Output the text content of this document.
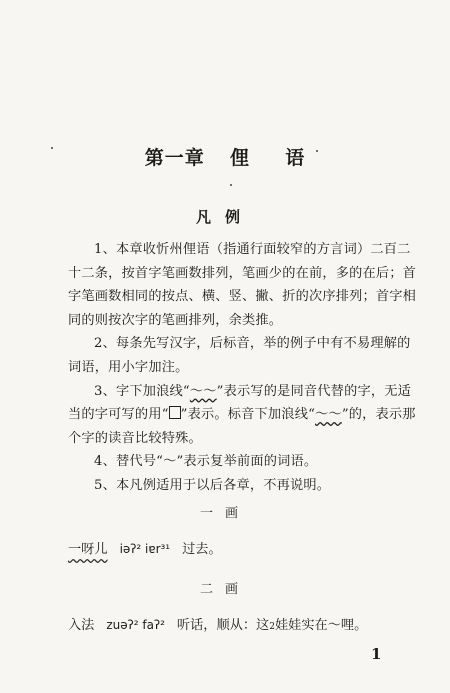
第一章 俚 语
凡例

1、本章收忻州俚语（指通行面较窄的方言词）二百二十二条，按首字笔画数排列，笔画少的在前，多的在后；首字笔画数相同的按点、横、竖、撇、折的次序排列；首字相同的则按次字的笔画排列，余类推。

2、每条先写汉字，后标音，举的例子中有不易理解的词语，用小字加注。

3、字下加浪线“～～”表示写的是同音代替的字，无适当的字可写的用“ ”表示。标音下加浪线“～～”的，表示那个字的读音比较特殊。

4、替代号“～”表示复举前面的词语。

5、本凡例适用于以后各章，不再说明。

一画
一呀儿 iəʔ² iɐr³¹ 过去。
二画
入法 zuəʔ² faʔ² 听话，顺从：这2娃娃实在～哩。
1
